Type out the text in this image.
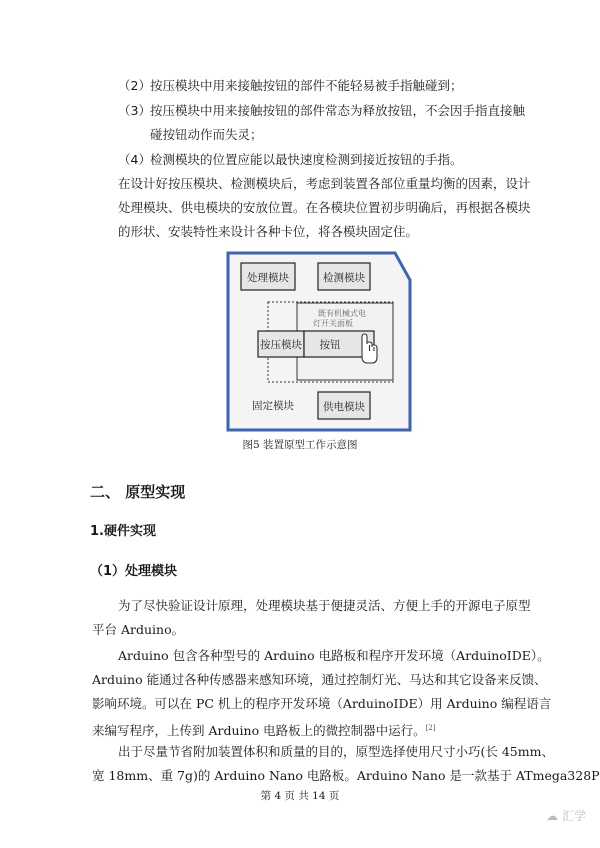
（2） 按压模块中用来接触按钮的部件不能轻易被手指触碰到；
（3） 按压模块中用来接触按钮的部件常态为释放按钮，不会因手指直接触
碰按钮动作而失灵；
（4） 检测模块的位置应能以最快速度检测到接近按钮的手指。
在设计好按压模块、检测模块后，考虑到装置各部位重量均衡的因素，设计
处理模块、供电模块的安放位置。在各模块位置初步明确后，再根据各模块
的形状、安装特性来设计各种卡位，将各模块固定住。
处理模块	检测模块
既有机械式电
灯开关面板
按压模块 按钮
固定模块	供电模块
图5 装置原型工作示意图
二、 原型实现
1.硬件实现
（1）处理模块
为了尽快验证设计原理，处理模块基于便捷灵活、方便上手的开源电子原型
平台 Arduino。
Arduino 包含各种型号的 Arduino 电路板和程序开发环境（ArduinoIDE）。
Arduino 能通过各种传感器来感知环境，通过控制灯光、马达和其它设备来反馈、
影响环境。可以在 PC 机上的程序开发环境（ArduinoIDE）用 Arduino 编程语言
来编写程序，上传到 Arduino 电路板上的微控制器中运行。[2]
出于尽量节省附加装置体积和质量的目的，原型选择使用尺寸小巧(长 45mm、
宽 18mm、重 7g)的 Arduino Nano 电路板。Arduino Nano 是一款基于 ATmega328P
第 4 页 共 14 页
☁ 汇学
